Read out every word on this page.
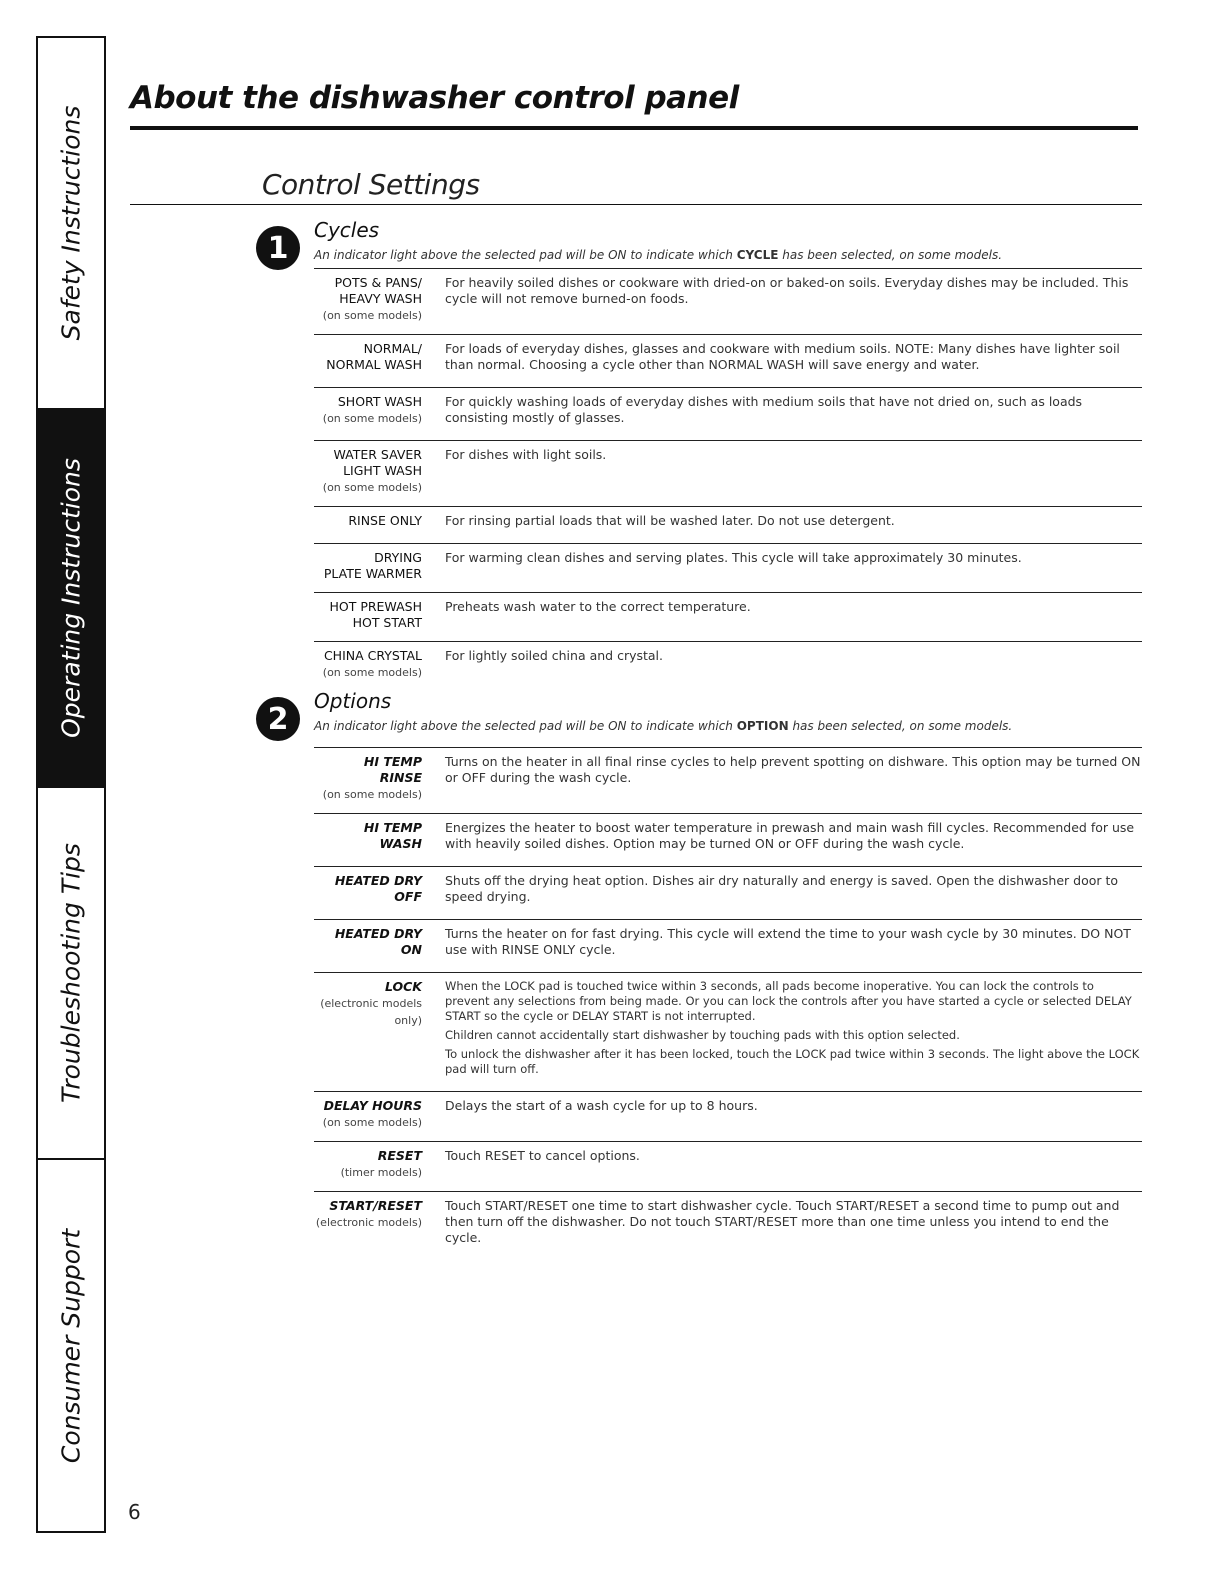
Safety Instructions
Operating Instructions
Troubleshooting Tips
Consumer Support
About the dishwasher control panel
Control Settings
1
Cycles
An indicator light above the selected pad will be ON to indicate which CYCLE has been selected, on some models.
POTS & PANS/
HEAVY WASH
(on some models)

For heavily soiled dishes or cookware with dried-on or baked-on soils. Everyday dishes may be included. This cycle will not remove burned-on foods.

NORMAL/
NORMAL WASH

For loads of everyday dishes, glasses and cookware with medium soils. NOTE: Many dishes have lighter soil than normal. Choosing a cycle other than NORMAL WASH will save energy and water.

SHORT WASH
(on some models)

For quickly washing loads of everyday dishes with medium soils that have not dried on, such as loads consisting mostly of glasses.

WATER SAVER
LIGHT WASH
(on some models)

For dishes with light soils.

RINSE ONLY For rinsing partial loads that will be washed later. Do not use detergent.

DRYING
PLATE WARMER

For warming clean dishes and serving plates. This cycle will take approximately 30 minutes.

HOT PREWASH
HOT START

Preheats wash water to the correct temperature.

CHINA CRYSTAL
(on some models)

For lightly soiled china and crystal.

2
Options
An indicator light above the selected pad will be ON to indicate which OPTION has been selected, on some models.
HI TEMP
RINSE
(on some models)

Turns on the heater in all final rinse cycles to help prevent spotting on dishware. This option may be turned ON or OFF during the wash cycle.

HI TEMP
WASH

Energizes the heater to boost water temperature in prewash and main wash fill cycles. Recommended for use with heavily soiled dishes. Option may be turned ON or OFF during the wash cycle.

HEATED DRY
OFF

Shuts off the drying heat option. Dishes air dry naturally and energy is saved. Open the dishwasher door to speed drying.

HEATED DRY
ON

Turns the heater on for fast drying. This cycle will extend the time to your wash cycle by 30 minutes. DO NOT use with RINSE ONLY cycle.

LOCK
(electronic models
only)

When the LOCK pad is touched twice within 3 seconds, all pads become inoperative. You can lock the controls to prevent any selections from being made. Or you can lock the controls after you have started a cycle or selected DELAY START so the cycle or DELAY START is not interrupted.

Children cannot accidentally start dishwasher by touching pads with this option selected.

To unlock the dishwasher after it has been locked, touch the LOCK pad twice within 3 seconds. The light above the LOCK pad will turn off.

DELAY HOURS
(on some models)

Delays the start of a wash cycle for up to 8 hours.

RESET
(timer models)

Touch RESET to cancel options.

START/RESET
(electronic models)

Touch START/RESET one time to start dishwasher cycle. Touch START/RESET a second time to pump out and then turn off the dishwasher. Do not touch START/RESET more than one time unless you intend to end the cycle.

6
